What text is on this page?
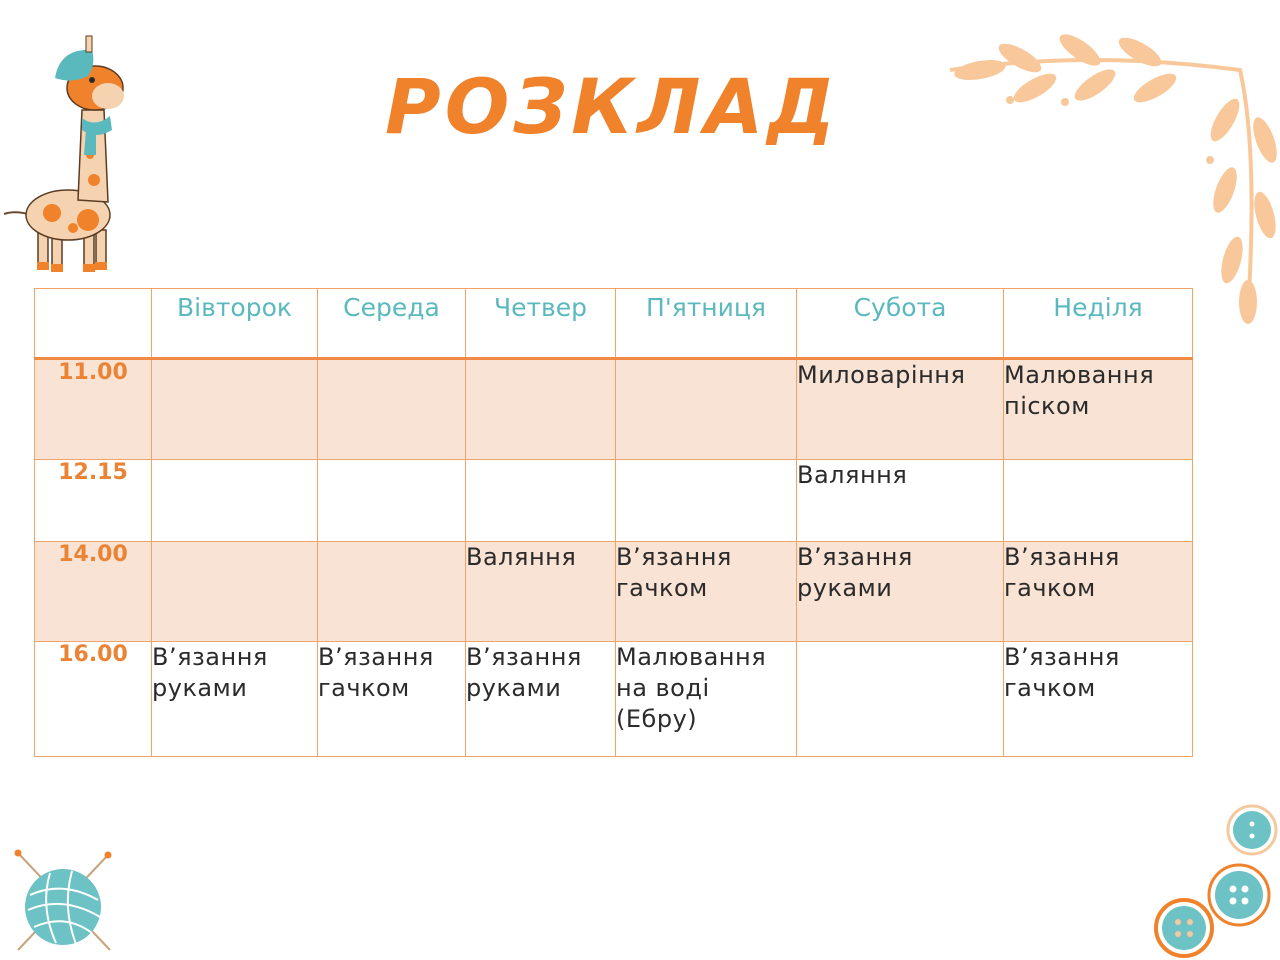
РОЗКЛАД
	Вівторок	Середа	Четвер	П'ятниця	Субота	Неділя
11.00					Миловаріння	Малювання піском
12.15					Валяння	
14.00			Валяння	В’язання гачком	В’язання руками	В’язання гачком
16.00	В’язання руками	В’язання гачком	В’язання руками	Малювання на воді (Ебру)		В’язання гачком
